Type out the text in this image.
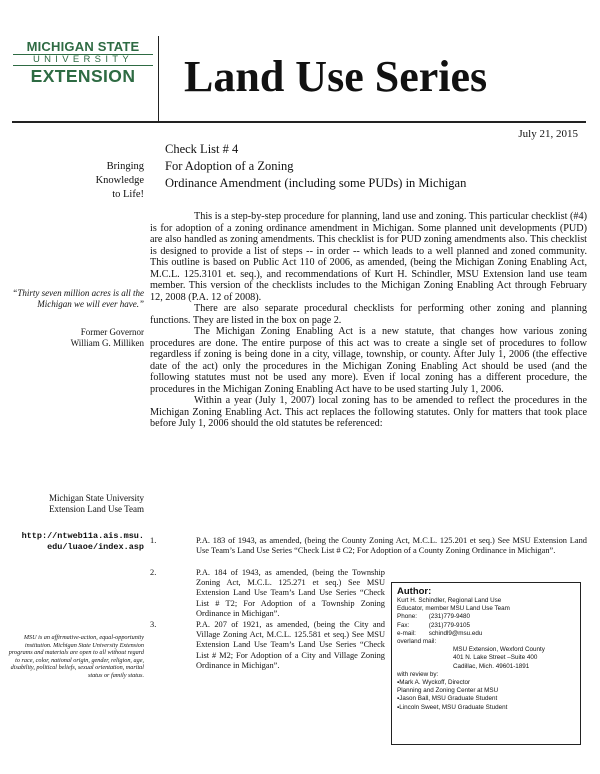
MICHIGAN STATE
UNIVERSITY
EXTENSION	Land Use Series
July 21, 2015
Check List # 4
For Adoption of a Zoning
Ordinance Amendment (including some PUDs) in Michigan
Bringing
Knowledge
to Life!
“Thirty seven million acres is all the Michigan we will ever have.”
Former Governor
William G. Milliken
Michigan State University
Extension Land Use Team
http://ntweb11a.ais.msu.
edu/luaoe/index.asp
MSU is an affirmative-action, equal-opportunity institution. Michigan State University Extension programs and materials are open to all without regard to race, color, national origin, gender, religion, age, disability, political beliefs, sexual orientation, marital status or family status.

This is a step-by-step procedure for planning, land use and zoning. This particular checklist (#4) is for adoption of a zoning ordinance amendment in Michigan. Some planned unit developments (PUD) are also handled as zoning amendments. This checklist is for PUD zoning amendments also. This checklist is designed to provide a list of steps -- in order -- which leads to a well planned and zoned community. This outline is based on Public Act 110 of 2006, as amended, (being the Michigan Zoning Enabling Act, M.C.L. 125.3101 et. seq.), and recommendations of Kurt H. Schindler, MSU Extension land use team member. This version of the checklists includes to the Michigan Zoning Enabling Act through February 12, 2008 (P.A. 12 of 2008).

There are also separate procedural checklists for performing other zoning and planning functions. They are listed in the box on page 2.

The Michigan Zoning Enabling Act is a new statute, that changes how various zoning procedures are done. The entire purpose of this act was to create a single set of procedures to follow regardless if zoning is being done in a city, village, township, or county. After July 1, 2006 (the effective date of the act) only the procedures in the Michigan Zoning Enabling Act should be used (and the following statutes must not be used any more). Even if local zoning has a different procedure, the procedures in the Michigan Zoning Enabling Act have to be used starting July 1, 2006.

Within a year (July 1, 2007) local zoning has to be amended to reflect the procedures in the Michigan Zoning Enabling Act. This act replaces the following statutes. Only for matters that took place before July 1, 2006 should the old statutes be referenced:

1.	P.A. 183 of 1943, as amended, (being the County Zoning Act, M.C.L. 125.201 et seq.) See MSU Extension Land Use Team’s Land Use Series “Check List # C2; For Adoption of a County Zoning Ordinance in Michigan”.
2.	P.A. 184 of 1943, as amended, (being the Township Zoning Act, M.C.L. 125.271 et seq.) See MSU Extension Land Use Team’s Land Use Series “Check List # T2; For Adoption of a Township Zoning Ordinance in Michigan”.
3.	P.A. 207 of 1921, as amended, (being the City and Village Zoning Act, M.C.L. 125.581 et seq.) See MSU Extension Land Use Team’s Land Use Series “Check List # M2; For Adoption of a City and Village Zoning Ordinance in Michigan”.
Author:
Kurt H. Schindler, Regional Land Use
Educator, member MSU Land Use Team
Phone: (231)779-9480
Fax:	(231)779-9105
e-mail: schindl9@msu.edu
overland mail:
MSU Extension, Wexford County
401 N. Lake Street –Suite 400
Cadillac, Mich. 49601-1891
with review by:
▪Mark A. Wyckoff, Director
Planning and Zoning Center at MSU
▪Jason Ball, MSU Graduate Student
▪Lincoln Sweet, MSU Graduate Student
